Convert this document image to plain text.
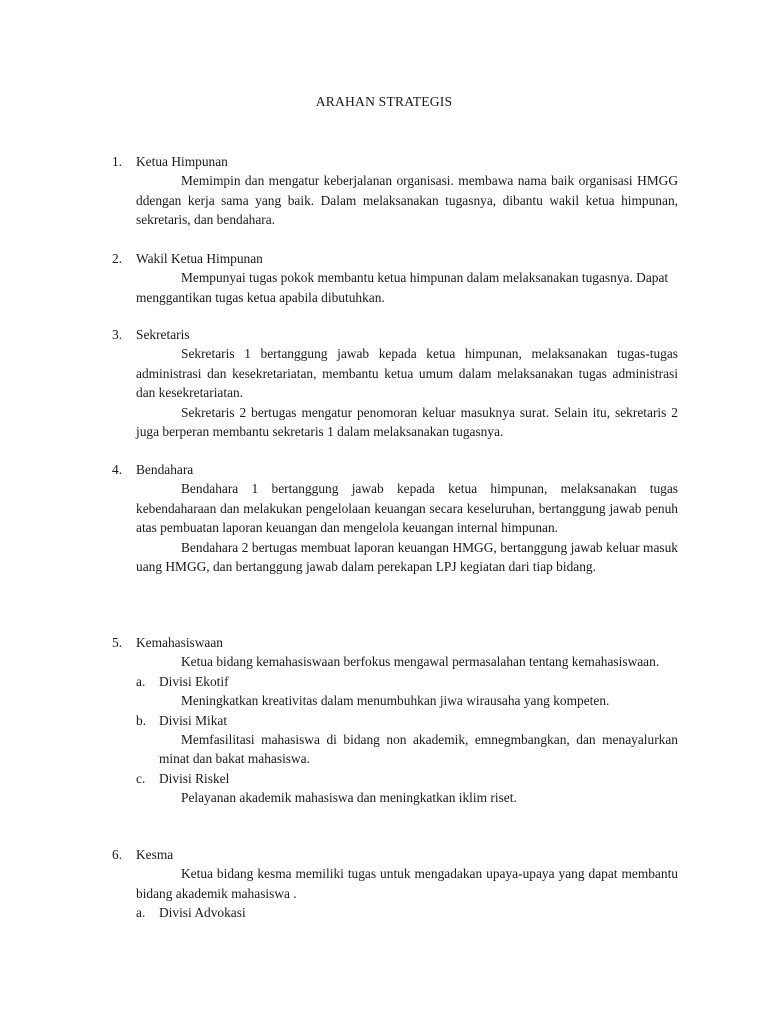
ARAHAN STRATEGIS
1. Ketua Himpunan
Memimpin dan mengatur keberjalanan organisasi. membawa nama baik organisasi HMGG ddengan kerja sama yang baik. Dalam melaksanakan tugasnya, dibantu wakil ketua himpunan, sekretaris, dan bendahara.
2. Wakil Ketua Himpunan
Mempunyai tugas pokok membantu ketua himpunan dalam melaksanakan tugasnya. Dapat menggantikan tugas ketua apabila dibutuhkan.
3. Sekretaris
Sekretaris 1 bertanggung jawab kepada ketua himpunan, melaksanakan tugas-tugas administrasi dan kesekretariatan, membantu ketua umum dalam melaksanakan tugas administrasi dan kesekretariatan.
Sekretaris 2 bertugas mengatur penomoran keluar masuknya surat. Selain itu, sekretaris 2 juga berperan membantu sekretaris 1 dalam melaksanakan tugasnya.
4. Bendahara
Bendahara 1 bertanggung jawab kepada ketua himpunan, melaksanakan tugas kebendaharaan dan melakukan pengelolaan keuangan secara keseluruhan, bertanggung jawab penuh atas pembuatan laporan keuangan dan mengelola keuangan internal himpunan.
Bendahara 2 bertugas membuat laporan keuangan HMGG, bertanggung jawab keluar masuk uang HMGG, dan bertanggung jawab dalam perekapan LPJ kegiatan dari tiap bidang.
5. Kemahasiswaan
Ketua bidang kemahasiswaan berfokus mengawal permasalahan tentang kemahasiswaan.
a. Divisi Ekotif
Meningkatkan kreativitas dalam menumbuhkan jiwa wirausaha yang kompeten.
b. Divisi Mikat
Memfasilitasi mahasiswa di bidang non akademik, emnegmbangkan, dan menayalurkan minat dan bakat mahasiswa.
c. Divisi Riskel
Pelayanan akademik mahasiswa dan meningkatkan iklim riset.
6. Kesma
Ketua bidang kesma memiliki tugas untuk mengadakan upaya-upaya yang dapat membantu bidang akademik mahasiswa .
a. Divisi Advokasi
